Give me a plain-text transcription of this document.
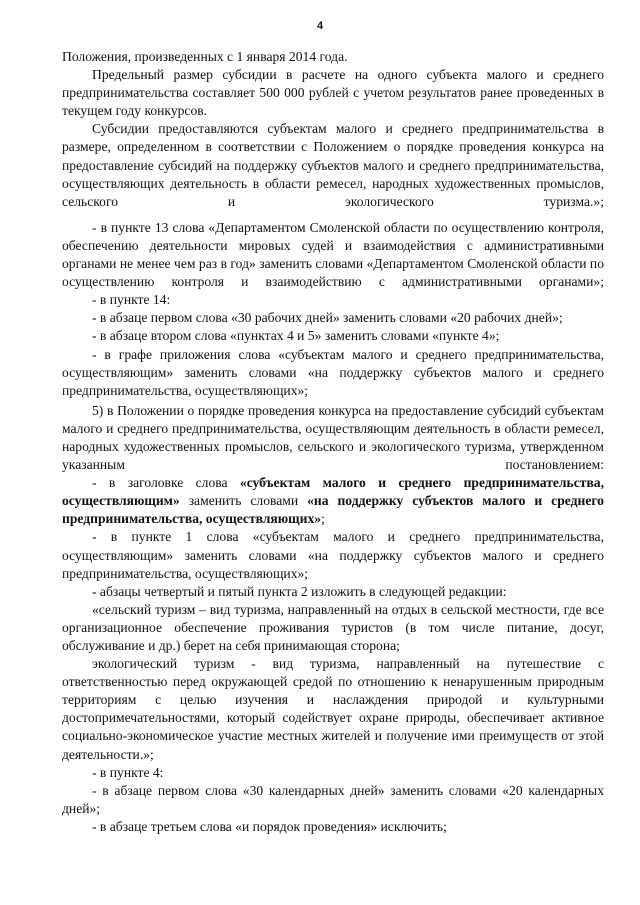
4

Положения, произведенных с 1 января 2014 года.

Предельный размер субсидии в расчете на одного субъекта малого и среднего предпринимательства составляет 500 000 рублей с учетом результатов ранее проведенных в текущем году конкурсов.

Субсидии предоставляются субъектам малого и среднего предпринимательства в размере, определенном в соответствии с Положением о порядке проведения конкурса на предоставление субсидий на поддержку субъектов малого и среднего предпринимательства, осуществляющих деятельность в области ремесел, народных художественных промыслов, сельского и экологического туризма.»;

- в пункте 13 слова «Департаментом Смоленской области по осуществлению контроля, обеспечению деятельности мировых судей и взаимодействия с административными органами не менее чем раз в год» заменить словами «Департаментом Смоленской области по осуществлению контроля и взаимодействию с административными органами»;

- в пункте 14:

- в абзаце первом слова «30 рабочих дней» заменить словами «20 рабочих дней»;

- в абзаце втором слова «пунктах 4 и 5» заменить словами «пункте 4»;

- в графе приложения слова «субъектам малого и среднего предпринимательства, осуществляющим» заменить словами «на поддержку субъектов малого и среднего предпринимательства, осуществляющих»;

5) в Положении о порядке проведения конкурса на предоставление субсидий субъектам малого и среднего предпринимательства, осуществляющим деятельность в области ремесел, народных художественных промыслов, сельского и экологического туризма, утвержденном указанным постановлением:

- в заголовке слова «субъектам малого и среднего предпринимательства, осуществляющим» заменить словами «на поддержку субъектов малого и среднего предпринимательства, осуществляющих»;

- в пункте 1 слова «субъектам малого и среднего предпринимательства, осуществляющим» заменить словами «на поддержку субъектов малого и среднего предпринимательства, осуществляющих»;

- абзацы четвертый и пятый пункта 2 изложить в следующей редакции:

«сельский туризм – вид туризма, направленный на отдых в сельской местности, где все организационное обеспечение проживания туристов (в том числе питание, досуг, обслуживание и др.) берет на себя принимающая сторона;

экологический туризм - вид туризма, направленный на путешествие с ответственностью перед окружающей средой по отношению к ненарушенным природным территориям с целью изучения и наслаждения природой и культурными достопримечательностями, который содействует охране природы, обеспечивает активное социально-экономическое участие местных жителей и получение ими преимуществ от этой деятельности.»;

- в пункте 4:

- в абзаце первом слова «30 календарных дней» заменить словами «20 календарных дней»;

- в абзаце третьем слова «и порядок проведения» исключить;

· · · · ·
